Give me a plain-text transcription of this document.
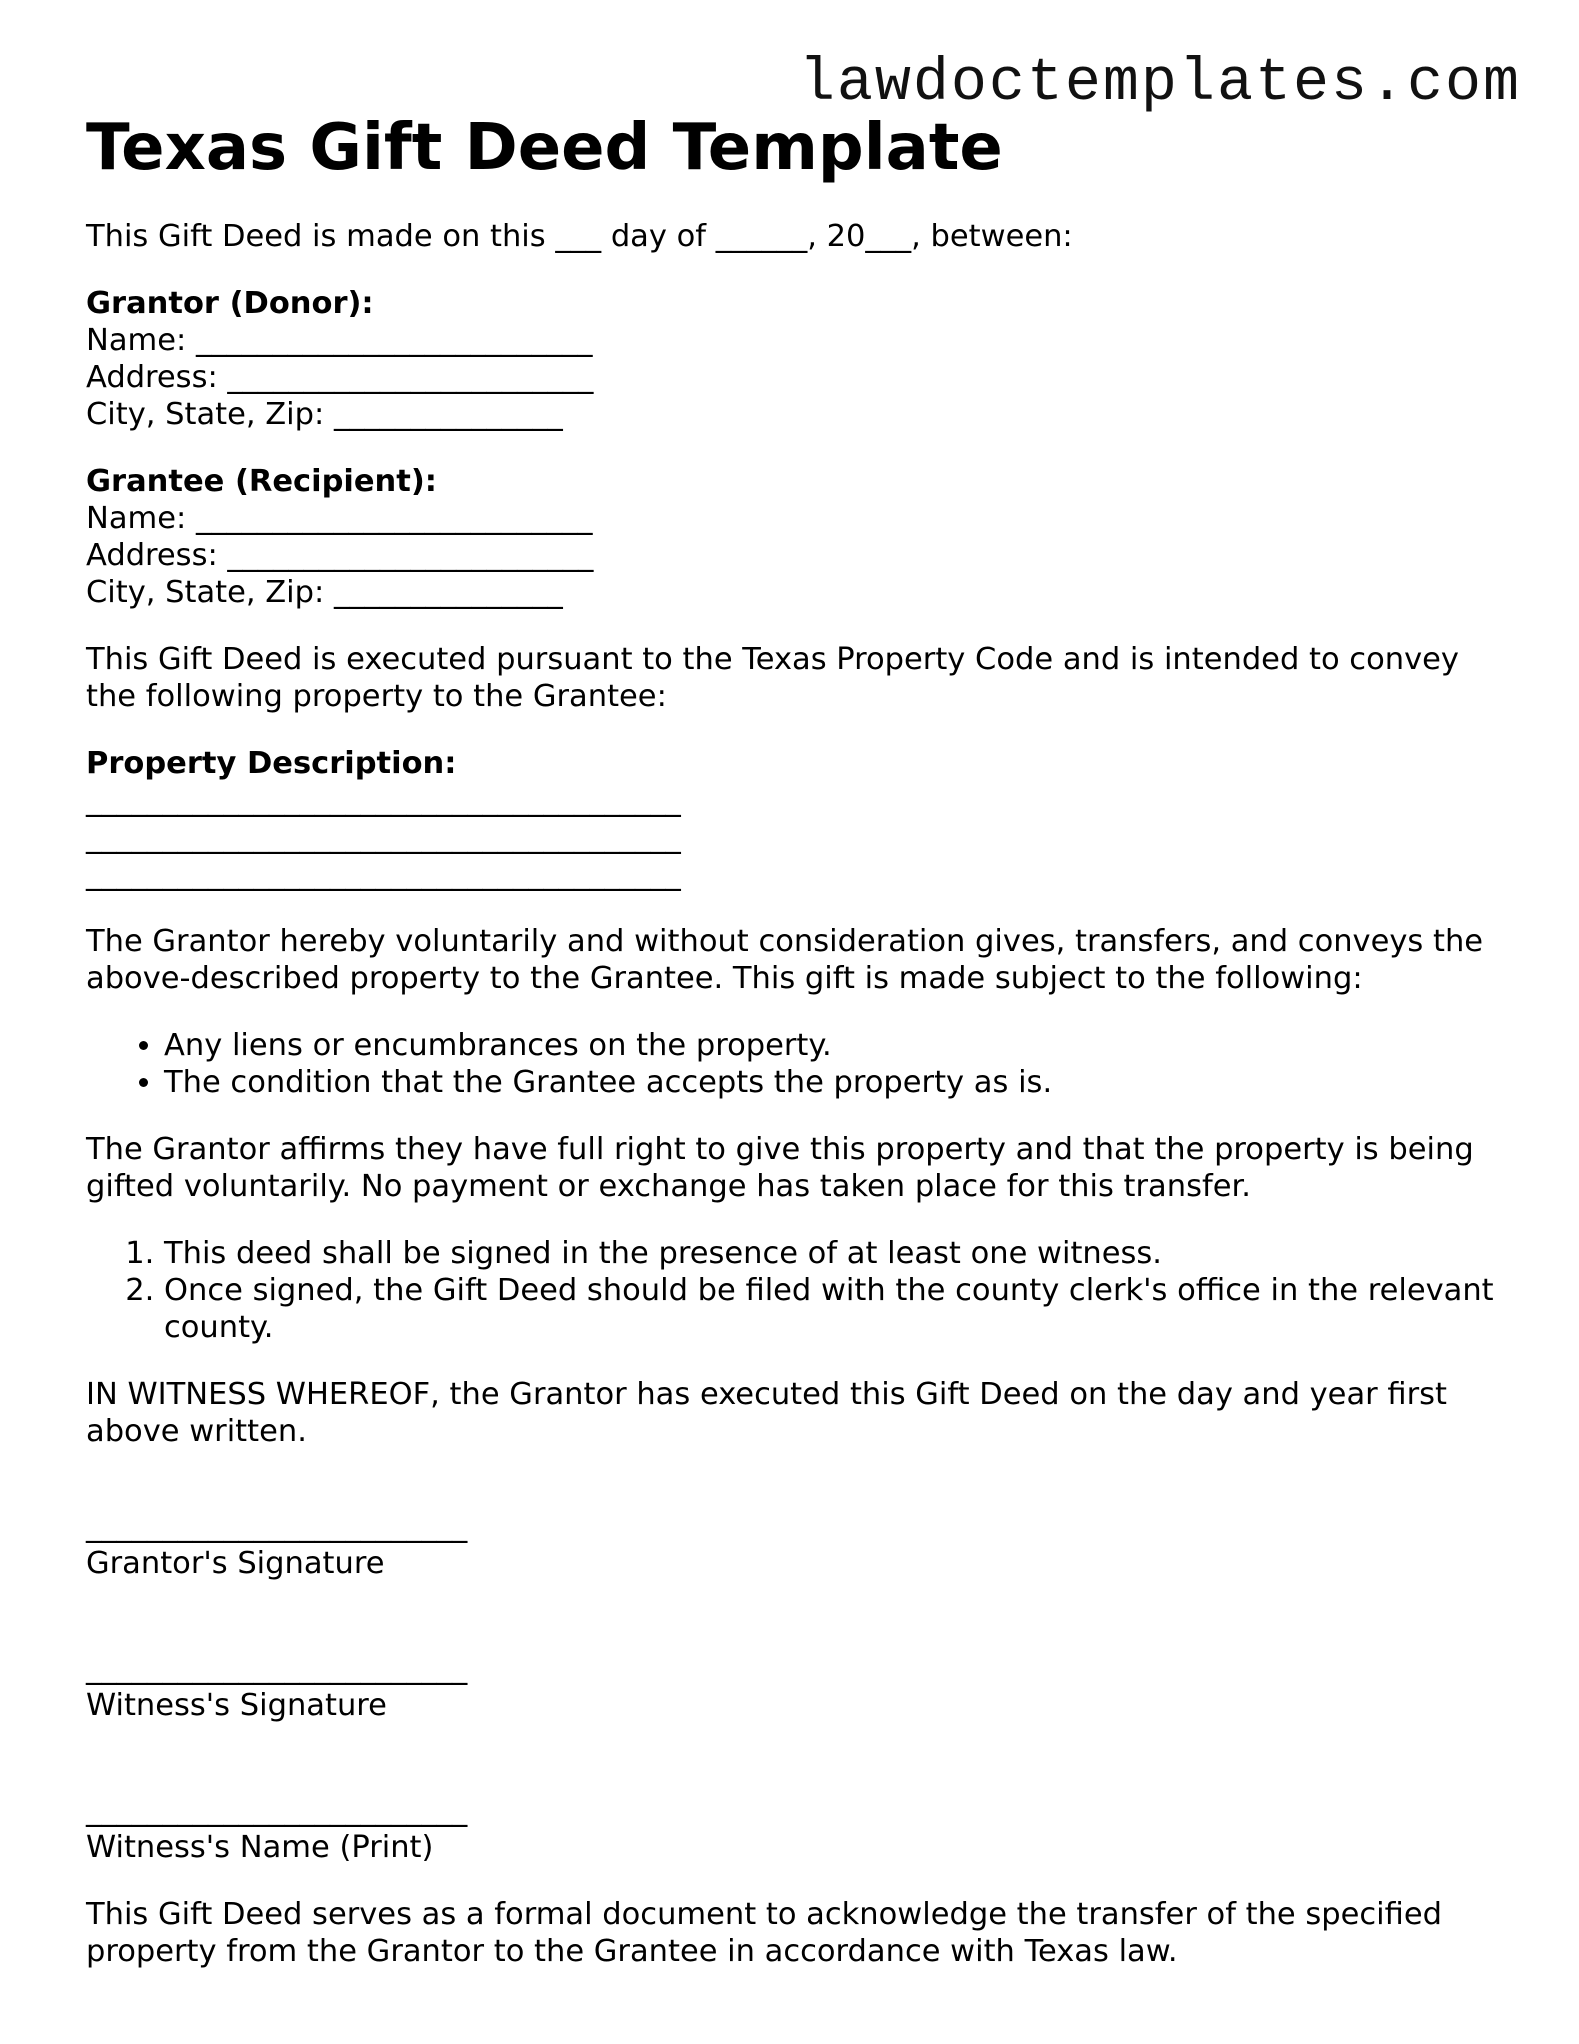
lawdoctemplates.com
Texas Gift Deed Template

This Gift Deed is made on this ___ day of ______, 20___, between:

Grantor (Donor):
Name: __________________________
Address: ________________________
City, State, Zip: _______________
Grantee (Recipient):
Name: __________________________
Address: ________________________
City, State, Zip: _______________

This Gift Deed is executed pursuant to the Texas Property Code and is intended to convey the following property to the Grantee:

Property Description:
_______________________________________
_______________________________________
_______________________________________

The Grantor hereby voluntarily and without consideration gives, transfers, and conveys the above-described property to the Grantee. This gift is made subject to the following:

• Any liens or encumbrances on the property.
• The condition that the Grantee accepts the property as is.

The Grantor affirms they have full right to give this property and that the property is being gifted voluntarily. No payment or exchange has taken place for this transfer.

1. This deed shall be signed in the presence of at least one witness.
2. Once signed, the Gift Deed should be filed with the county clerk's office in the relevant county.

IN WITNESS WHEREOF, the Grantor has executed this Gift Deed on the day and year first above written.

_________________________
Grantor's Signature
_________________________
Witness's Signature
_________________________
Witness's Name (Print)

This Gift Deed serves as a formal document to acknowledge the transfer of the specified property from the Grantor to the Grantee in accordance with Texas law.
